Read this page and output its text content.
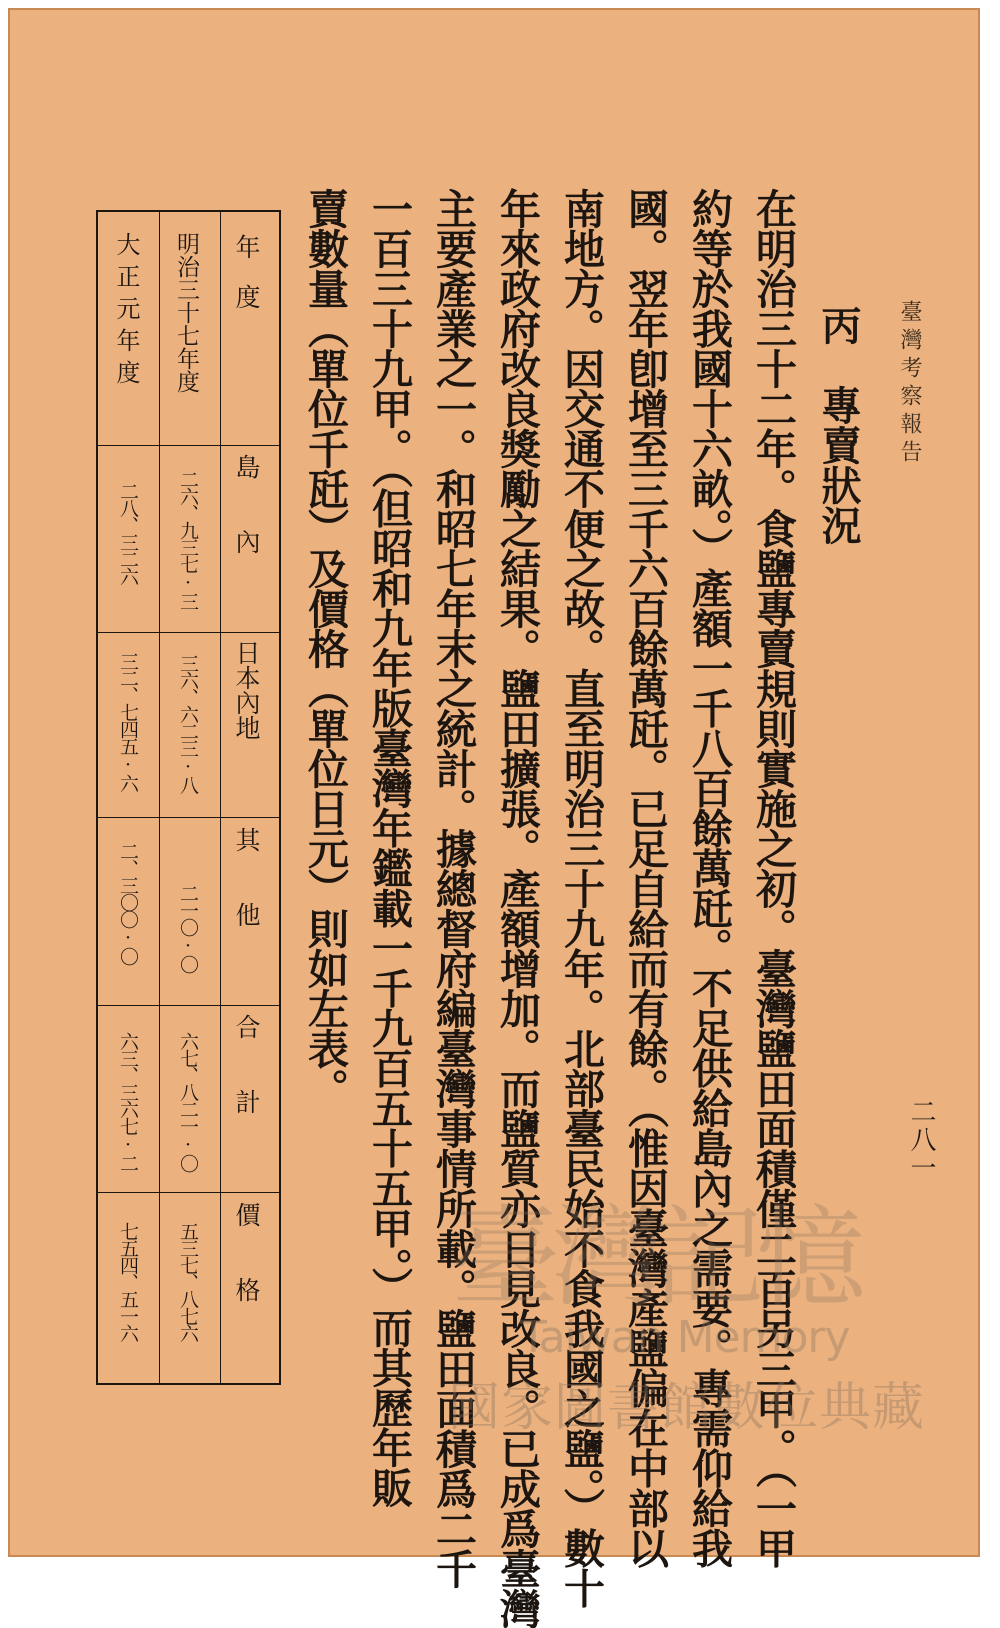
臺灣考察報告
二八一
丙　專賣狀況
在明治三十二年。食鹽專賣規則實施之初。臺灣鹽田面積僅二百另三甲。（一甲
約等於我國十六畝。）產額一千八百餘萬瓩。不足供給島內之需要。專需仰給我
國。翌年卽增至三千六百餘萬瓩。已足自給而有餘。（惟因臺灣產鹽偏在中部以
南地方。因交通不便之故。直至明治三十九年。北部臺民始不食我國之鹽。）數十
年來政府改良獎勵之結果。鹽田擴張。產額增加。而鹽質亦日見改良。已成爲臺灣
主要產業之一。和昭七年末之統計。據總督府編臺灣事情所載。鹽田面積爲二千
一百三十九甲。（但昭和九年版臺灣年鑑載一千九百五十五甲。）而其歷年販
賣數量（單位千瓩）及價格（單位日元）則如左表。
年　度
島　　內
日本內地
其　　他
合　　計
價　　格
明治三十七年度
二六、九三七·三
三六、六二三·八
二一〇·〇
六七、八二一·〇
五三七、八七六
大正元年度
二八、三二六
三二、七四五·六
二、三〇〇·〇
六三、三六七·二
七五四、五一六	臺灣記憶
Taiwan Memory
國家圖書館數位典藏
